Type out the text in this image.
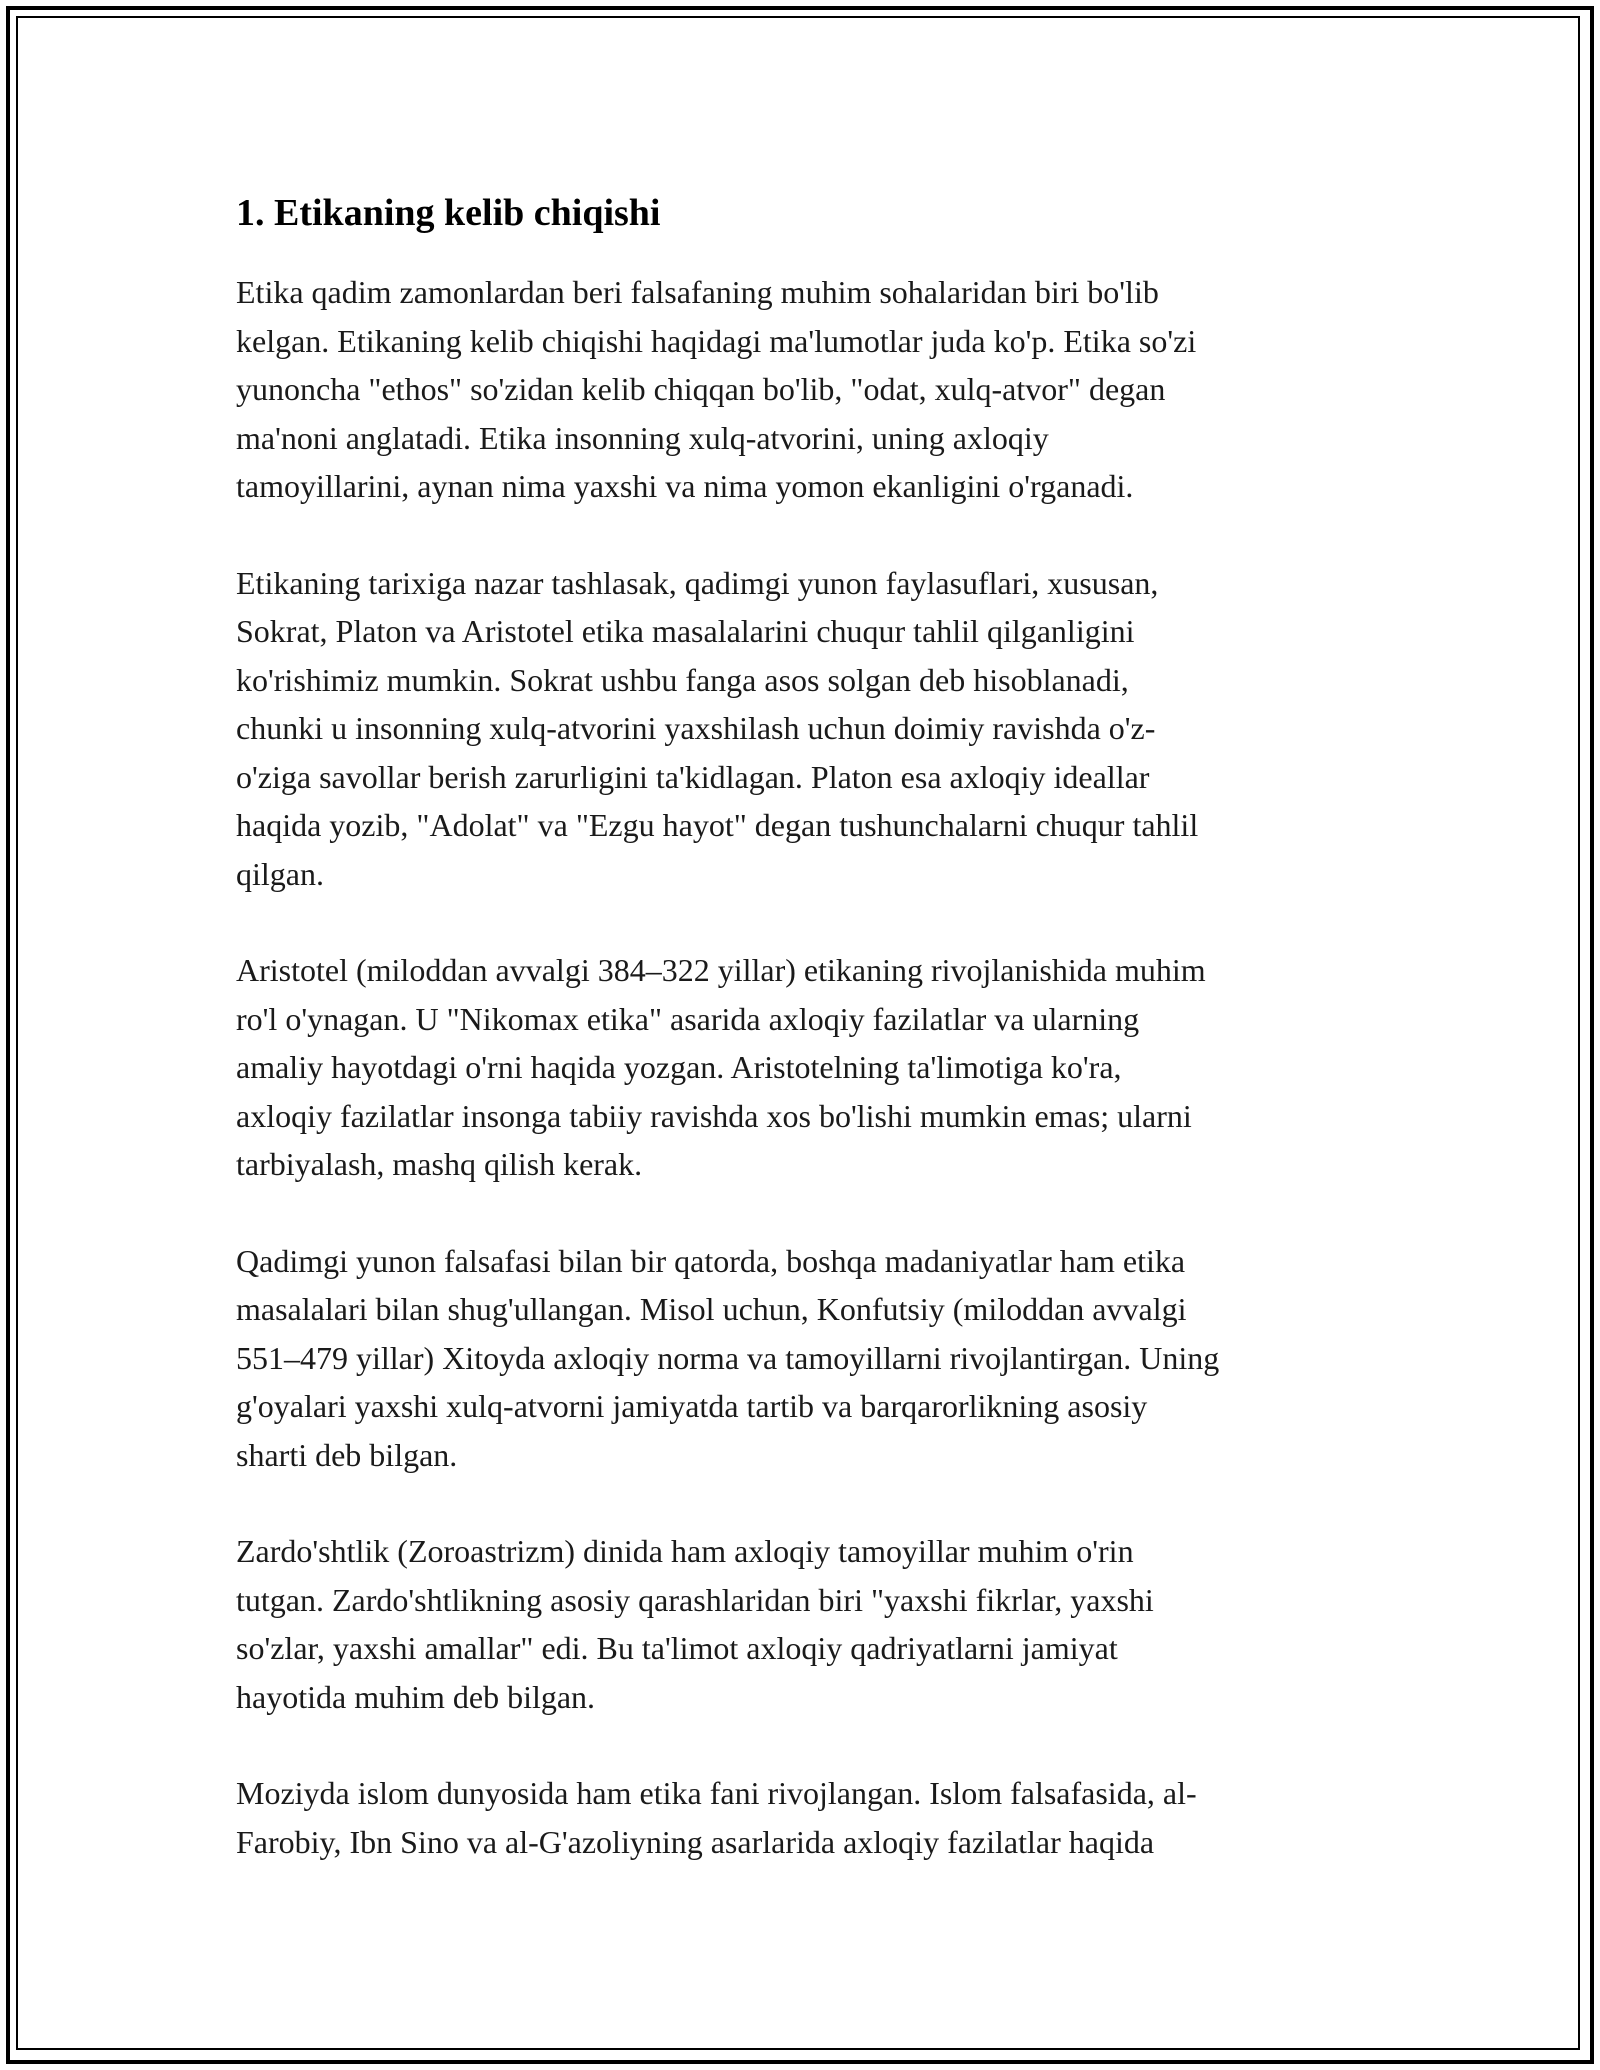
1. Etikaning kelib chiqishi

Etika qadim zamonlardan beri falsafaning muhim sohalaridan biri bo'lib
kelgan. Etikaning kelib chiqishi haqidagi ma'lumotlar juda ko'p. Etika so'zi
yunoncha "ethos" so'zidan kelib chiqqan bo'lib, "odat, xulq-atvor" degan
ma'noni anglatadi. Etika insonning xulq-atvorini, uning axloqiy
tamoyillarini, aynan nima yaxshi va nima yomon ekanligini o'rganadi.

Etikaning tarixiga nazar tashlasak, qadimgi yunon faylasuflari, xususan,
Sokrat, Platon va Aristotel etika masalalarini chuqur tahlil qilganligini
ko'rishimiz mumkin. Sokrat ushbu fanga asos solgan deb hisoblanadi,
chunki u insonning xulq-atvorini yaxshilash uchun doimiy ravishda o'z-
o'ziga savollar berish zarurligini ta'kidlagan. Platon esa axloqiy ideallar
haqida yozib, "Adolat" va "Ezgu hayot" degan tushunchalarni chuqur tahlil
qilgan.

Aristotel (miloddan avvalgi 384–322 yillar) etikaning rivojlanishida muhim
ro'l o'ynagan. U "Nikomax etika" asarida axloqiy fazilatlar va ularning
amaliy hayotdagi o'rni haqida yozgan. Aristotelning ta'limotiga ko'ra,
axloqiy fazilatlar insonga tabiiy ravishda xos bo'lishi mumkin emas; ularni
tarbiyalash, mashq qilish kerak.

Qadimgi yunon falsafasi bilan bir qatorda, boshqa madaniyatlar ham etika
masalalari bilan shug'ullangan. Misol uchun, Konfutsiy (miloddan avvalgi
551–479 yillar) Xitoyda axloqiy norma va tamoyillarni rivojlantirgan. Uning
g'oyalari yaxshi xulq-atvorni jamiyatda tartib va barqarorlikning asosiy
sharti deb bilgan.

Zardo'shtlik (Zoroastrizm) dinida ham axloqiy tamoyillar muhim o'rin
tutgan. Zardo'shtlikning asosiy qarashlaridan biri "yaxshi fikrlar, yaxshi
so'zlar, yaxshi amallar" edi. Bu ta'limot axloqiy qadriyatlarni jamiyat
hayotida muhim deb bilgan.

Moziyda islom dunyosida ham etika fani rivojlangan. Islom falsafasida, al-
Farobiy, Ibn Sino va al-G'azoliyning asarlarida axloqiy fazilatlar haqida
